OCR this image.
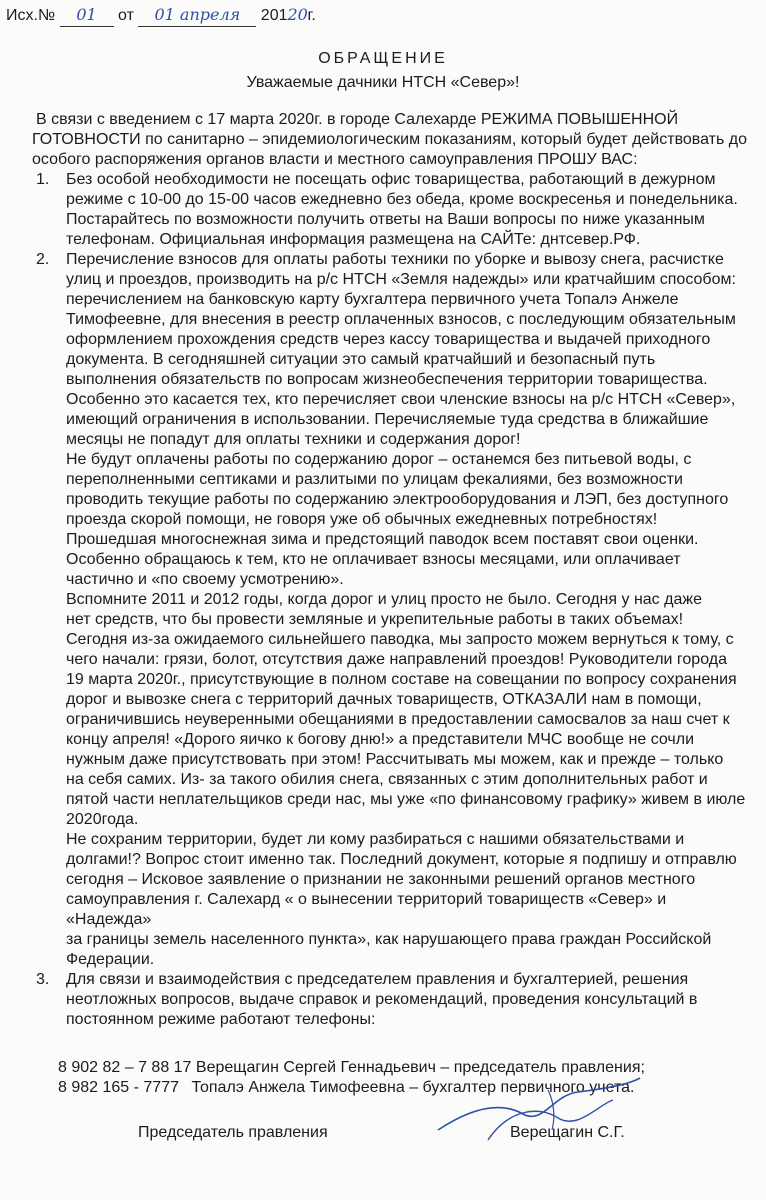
Исх.№ 01 от 01 апреля 20120г.
ОБРАЩЕНИЕ
Уважаемые дачники НТСН «Север»!
В связи с введением с 17 марта 2020г. в городе Салехарде РЕЖИМА ПОВЫШЕННОЙ
ГОТОВНОСТИ по санитарно – эпидемиологическим показаниям, который будет действовать до
особого распоряжения органов власти и местного самоуправления ПРОШУ ВАС:
1.	Без особой необходимости не посещать офис товарищества, работающий в дежурном
режиме с 10-00 до 15-00 часов ежедневно без обеда, кроме воскресенья и понедельника.
Постарайтесь по возможности получить ответы на Ваши вопросы по ниже указанным
телефонам. Официальная информация размещена на САЙТе: днтсевер.РФ.
2.	Перечисление взносов для оплаты работы техники по уборке и вывозу снега, расчистке
улиц и проездов, производить на р/с НТСН «Земля надежды» или кратчайшим способом:
перечислением на банковскую карту бухгалтера первичного учета Топалэ Анжеле
Тимофеевне, для внесения в реестр оплаченных взносов, с последующим обязательным
оформлением прохождения средств через кассу товарищества и выдачей приходного
документа. В сегодняшней ситуации это самый кратчайший и безопасный путь
выполнения обязательств по вопросам жизнеобеспечения территории товарищества.
Особенно это касается тех, кто перечисляет свои членские взносы на р/с НТСН «Север»,
имеющий ограничения в использовании. Перечисляемые туда средства в ближайшие
месяцы не попадут для оплаты техники и содержания дорог!
Не будут оплачены работы по содержанию дорог – останемся без питьевой воды, с
переполненными септиками и разлитыми по улицам фекалиями, без возможности
проводить текущие работы по содержанию электрооборудования и ЛЭП, без доступного
проезда скорой помощи, не говоря уже об обычных ежедневных потребностях!
Прошедшая многоснежная зима и предстоящий паводок всем поставят свои оценки.
Особенно обращаюсь к тем, кто не оплачивает взносы месяцами, или оплачивает
частично и «по своему усмотрению».
Вспомните 2011 и 2012 годы, когда дорог и улиц просто не было. Сегодня у нас даже
нет средств, что бы провести земляные и укрепительные работы в таких объемах!
Сегодня из-за ожидаемого сильнейшего паводка, мы запросто можем вернуться к тому, с
чего начали: грязи, болот, отсутствия даже направлений проездов! Руководители города
19 марта 2020г., присутствующие в полном составе на совещании по вопросу сохранения
дорог и вывозке снега с территорий дачных товариществ, ОТКАЗАЛИ нам в помощи,
ограничившись неуверенными обещаниями в предоставлении самосвалов за наш счет к
концу апреля! «Дорого яичко к богову дню!» а представители МЧС вообще не сочли
нужным даже присутствовать при этом! Рассчитывать мы можем, как и прежде – только
на себя самих. Из- за такого обилия снега, связанных с этим дополнительных работ и
пятой части неплательщиков среди нас, мы уже «по финансовому графику» живем в июле
2020года.
Не сохраним территории, будет ли кому разбираться с нашими обязательствами и
долгами!? Вопрос стоит именно так. Последний документ, которые я подпишу и отправлю
сегодня – Исковое заявление о признании не законными решений органов местного
самоуправления г. Салехард « о вынесении территорий товариществ «Север» и «Надежда»
за границы земель населенного пункта», как нарушающего права граждан Российской
Федерации.
3.	Для связи и взаимодействия с председателем правления и бухгалтерией, решения
неотложных вопросов, выдаче справок и рекомендаций, проведения консультаций в
постоянном режиме работают телефоны:
8 902 82 – 7 88 17 Верещагин Сергей Геннадьевич – председатель правления;
8 982 165 - 7777 Топалэ Анжела Тимофеевна – бухгалтер первичного учета.
Председатель правления	Верещагин С.Г.
